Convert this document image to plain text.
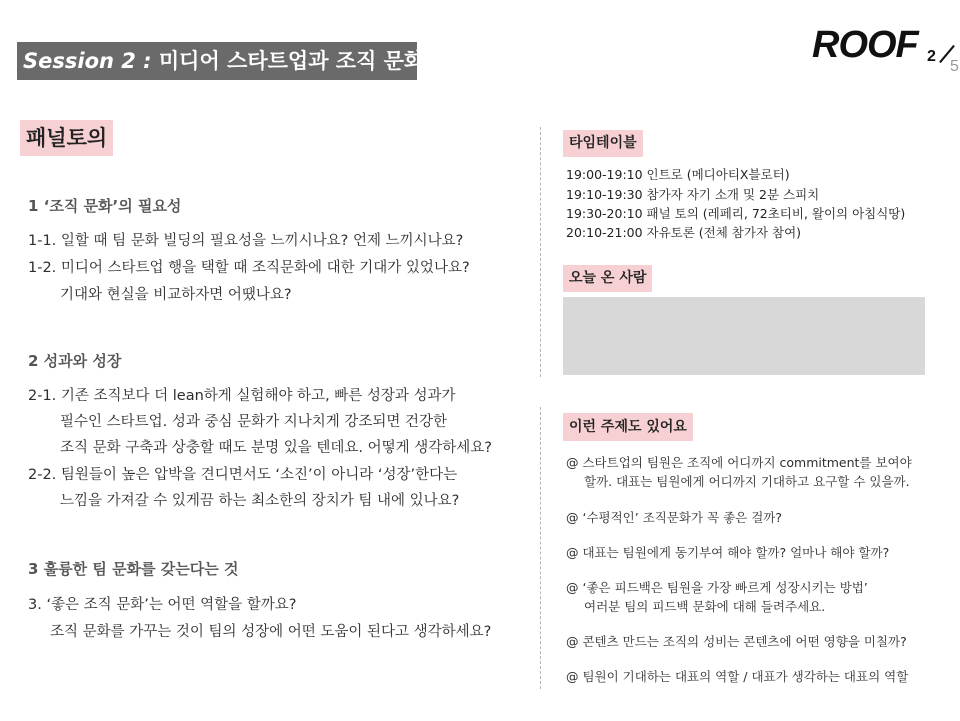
Session 2 : 미디어 스타트업과 조직 문화	ROOF 2
5
패널토의
1 ‘조직 문화’의 필요성
1-1. 일할 때 팀 문화 빌딩의 필요성을 느끼시나요? 언제 느끼시나요?
1-2. 미디어 스타트업 행을 택할 때 조직문화에 대한 기대가 있었나요?
기대와 현실을 비교하자면 어땠나요?
2 성과와 성장
2-1. 기존 조직보다 더 lean하게 실험해야 하고, 빠른 성장과 성과가
필수인 스타트업. 성과 중심 문화가 지나치게 강조되면 건강한
조직 문화 구축과 상충할 때도 분명 있을 텐데요. 어떻게 생각하세요?
2-2. 팀원들이 높은 압박을 견디면서도 ‘소진’이 아니라 ‘성장’한다는
느낌을 가져갈 수 있게끔 하는 최소한의 장치가 팀 내에 있나요?
3 훌륭한 팀 문화를 갖는다는 것
3. ‘좋은 조직 문화’는 어떤 역할을 할까요?
조직 문화를 가꾸는 것이 팀의 성장에 어떤 도움이 된다고 생각하세요?
타임테이블
19:00-19:10 인트로 (메디아티X블로터)
19:10-19:30 참가자 자기 소개 및 2분 스피치
19:30-20:10 패널 토의 (레페리, 72초티비, 왈이의 아침식땅)
20:10-21:00 자유토론 (전체 참가자 참여)
오늘 온 사람
이런 주제도 있어요
@ 스타트업의 팀원은 조직에 어디까지 commitment를 보여야
할까. 대표는 팀원에게 어디까지 기대하고 요구할 수 있을까.
@ ‘수평적인’ 조직문화가 꼭 좋은 걸까?
@ 대표는 팀원에게 동기부여 해야 할까? 얼마나 해야 할까?
@ ‘좋은 피드백은 팀원을 가장 빠르게 성장시키는 방법’
여러분 팀의 피드백 문화에 대해 들려주세요.
@ 콘텐츠 만드는 조직의 성비는 콘텐츠에 어떤 영향을 미칠까?
@ 팀원이 기대하는 대표의 역할 / 대표가 생각하는 대표의 역할
